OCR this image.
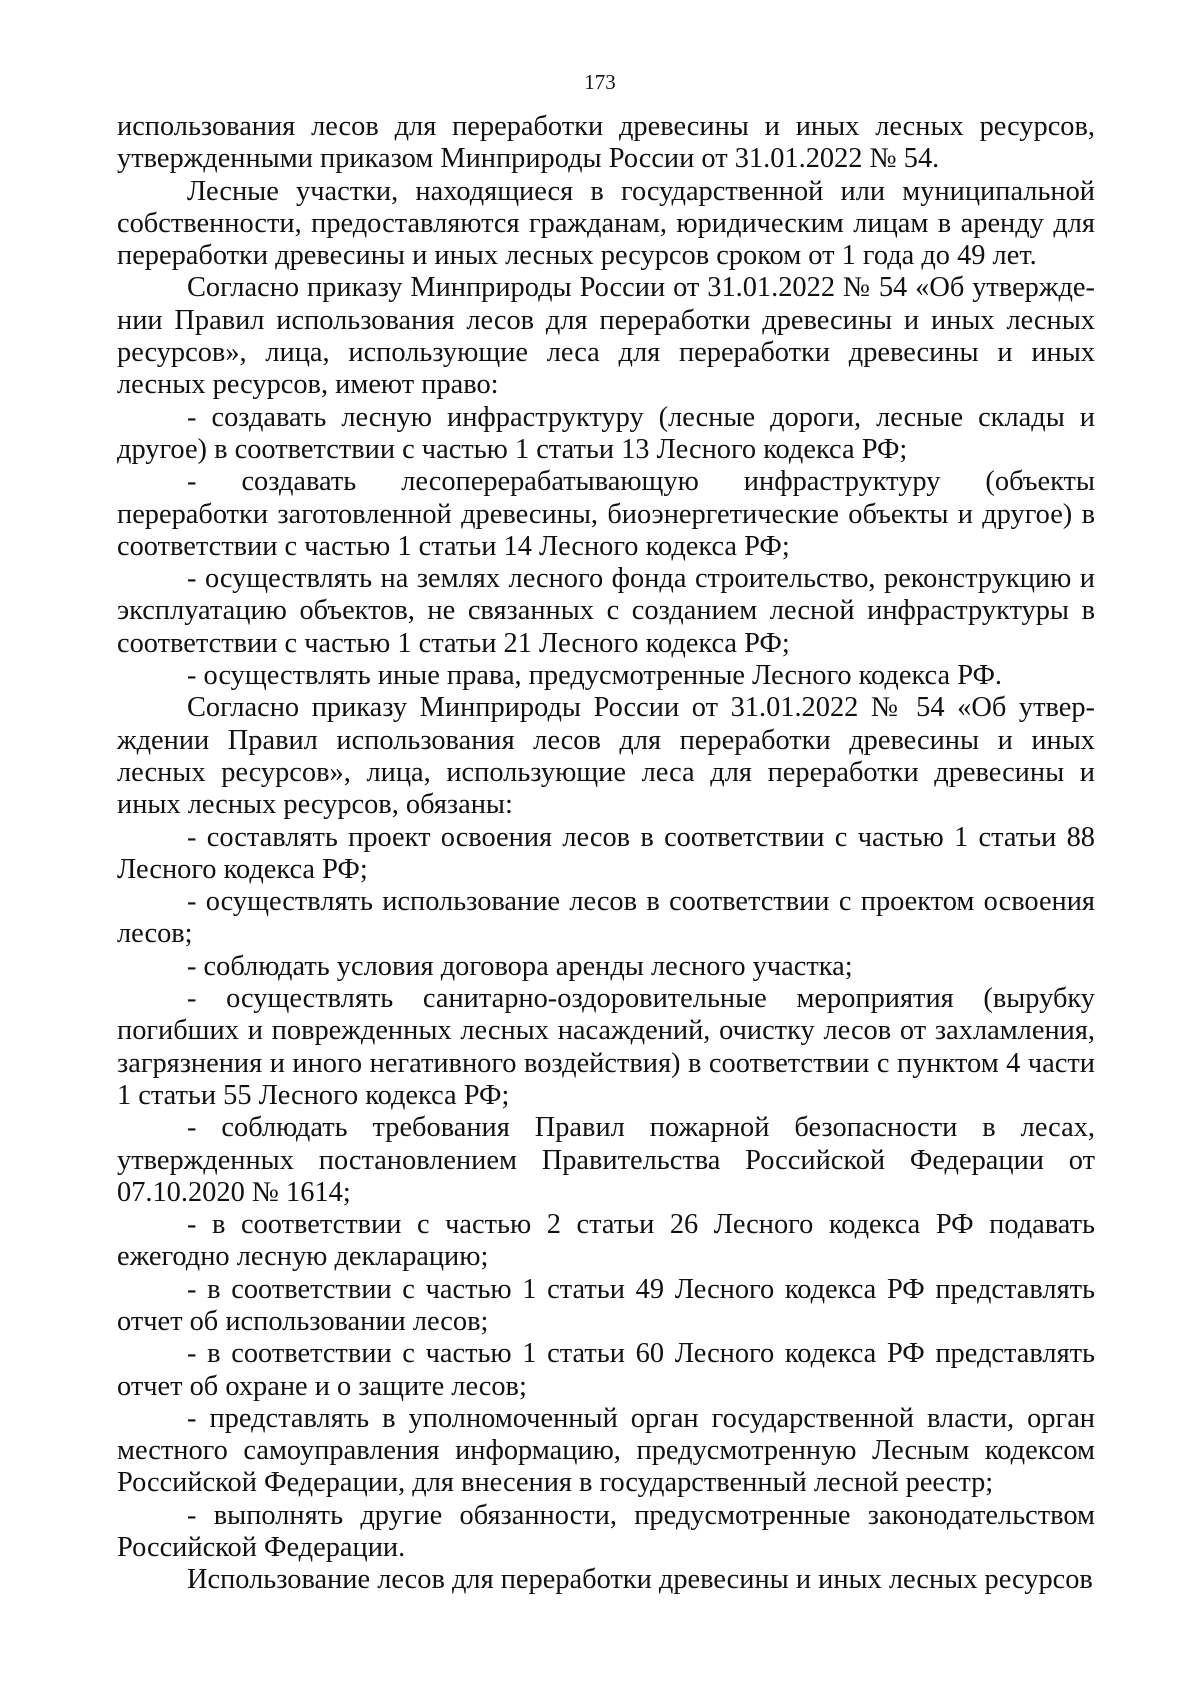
173

использования лесов для переработки древесины и иных лесных ресурсов, утвержденными приказом Минприроды России от 31.01.2022 № 54.

Лесные участки, находящиеся в государственной или муниципальной собственности, предоставляются гражданам, юридическим лицам в аренду для переработки древесины и иных лесных ресурсов сроком от 1 года до 49 лет.

Согласно приказу Минприроды России от 31.01.2022 № 54 «Об утверждении Правил использования лесов для переработки древесины и иных лесных ресурсов», лица, использующие леса для переработки древесины и иных лесных ресурсов, имеют право:

- создавать лесную инфраструктуру (лесные дороги, лесные склады и другое) в соответствии с частью 1 статьи 13 Лесного кодекса РФ;

- создавать лесоперерабатывающую инфраструктуру (объекты переработки заготовленной древесины, биоэнергетические объекты и другое) в соответствии с частью 1 статьи 14 Лесного кодекса РФ;

- осуществлять на землях лесного фонда строительство, реконструкцию и эксплуатацию объектов, не связанных с созданием лесной инфраструктуры в соответствии с частью 1 статьи 21 Лесного кодекса РФ;

- осуществлять иные права, предусмотренные Лесного кодекса РФ.

Согласно приказу Минприроды России от 31.01.2022 № 54 «Об утверждении Правил использования лесов для переработки древесины и иных лесных ресурсов», лица, использующие леса для переработки древесины и иных лесных ресурсов, обязаны:

- составлять проект освоения лесов в соответствии с частью 1 статьи 88 Лесного кодекса РФ;

- осуществлять использование лесов в соответствии с проектом освоения лесов;

- соблюдать условия договора аренды лесного участка;

- осуществлять санитарно-оздоровительные мероприятия (вырубку погибших и поврежденных лесных насаждений, очистку лесов от захламления, загрязнения и иного негативного воздействия) в соответствии с пунктом 4 части 1 статьи 55 Лесного кодекса РФ;

- соблюдать требования Правил пожарной безопасности в лесах, утвержденных постановлением Правительства Российской Федерации от 07.10.2020 № 1614;

- в соответствии с частью 2 статьи 26 Лесного кодекса РФ подавать ежегодно лесную декларацию;

- в соответствии с частью 1 статьи 49 Лесного кодекса РФ представлять отчет об использовании лесов;

- в соответствии с частью 1 статьи 60 Лесного кодекса РФ представлять отчет об охране и о защите лесов;

- представлять в уполномоченный орган государственной власти, орган местного самоуправления информацию, предусмотренную Лесным кодексом Российской Федерации, для внесения в государственный лесной реестр;

- выполнять другие обязанности, предусмотренные законодательством Российской Федерации.

Использование лесов для переработки древесины и иных лесных ресурсов
